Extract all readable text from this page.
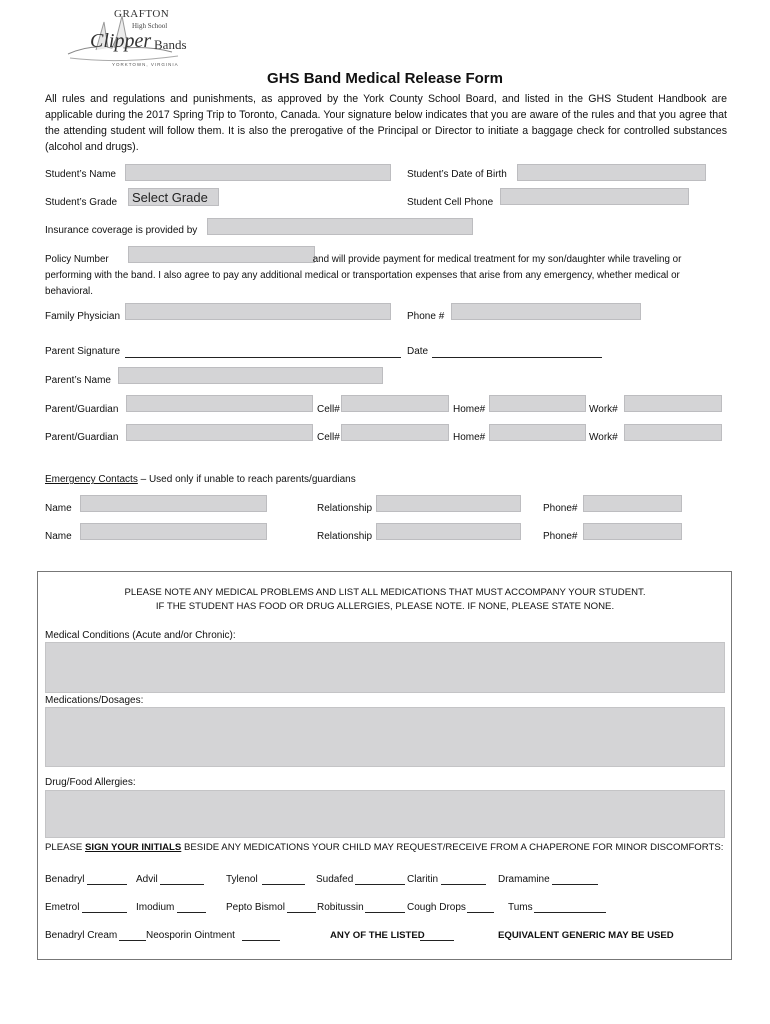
GRAFTON
High School
Clipper Bands
YORKTOWN, VIRGINIA
GHS Band Medical Release Form
All rules and regulations and punishments, as approved by the York County School Board, and listed in the GHS Student Handbook are applicable during the 2017 Spring Trip to Toronto, Canada. Your signature below indicates that you are aware of the rules and that you agree that the attending student will follow them. It is also the prerogative of the Principal or Director to initiate a baggage check for controlled substances (alcohol and drugs).
Student’s Name	Student’s Date of Birth
Student’s Grade Select Grade	Student Cell Phone
Insurance coverage is provided by
Policy Number	and will provide payment for medical treatment for my son/daughter while traveling or performing with the band. I also agree to pay any additional medical or transportation expenses that arise from any emergency, whether medical or behavioral.
Family Physician	Phone #
Parent Signature	Date
Parent’s Name
Parent/Guardian	Cell#	Home#	Work#
Parent/Guardian	Cell#	Home#	Work#
Emergency Contacts – Used only if unable to reach parents/guardians
Name	Relationship	Phone#
Name	Relationship	Phone#
PLEASE NOTE ANY MEDICAL PROBLEMS AND LIST ALL MEDICATIONS THAT MUST ACCOMPANY YOUR STUDENT.
IF THE STUDENT HAS FOOD OR DRUG ALLERGIES, PLEASE NOTE. IF NONE, PLEASE STATE NONE.
Medical Conditions (Acute and/or Chronic):
Medications/Dosages:
Drug/Food Allergies:
PLEASE SIGN YOUR INITIALS BESIDE ANY MEDICATIONS YOUR CHILD MAY REQUEST/RECEIVE FROM A CHAPERONE FOR MINOR DISCOMFORTS:
Benadryl	Advil	Tylenol	Sudafed	Claritin	Dramamine
Emetrol	Imodium	Pepto Bismol	Robitussin	Cough Drops	Tums
Benadryl Cream	Neosporin Ointment	ANY OF THE LISTED	EQUIVALENT GENERIC MAY BE USED
